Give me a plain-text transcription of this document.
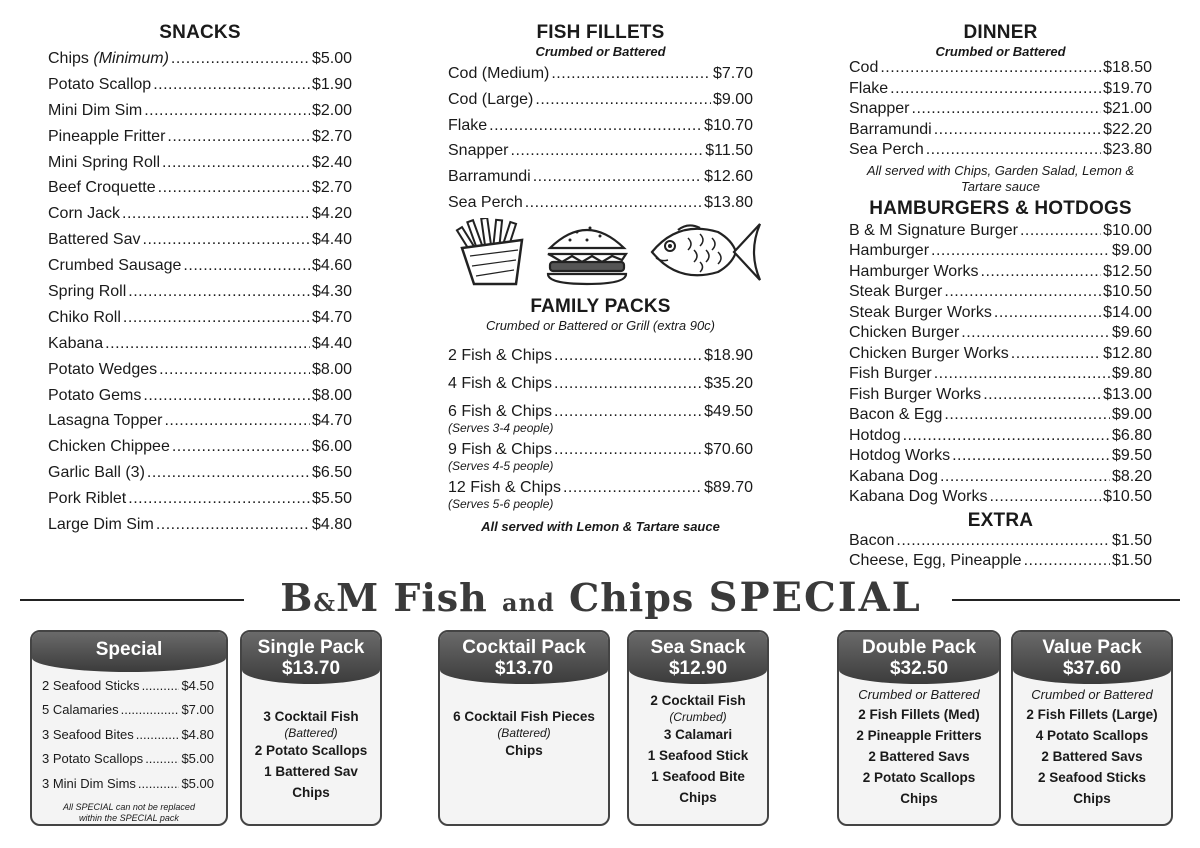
SNACKS
Chips (Minimum) .....	$5.00
Potato Scallop .....	$1.90
Mini Dim Sim .....	$2.00
Pineapple Fritter .....	$2.70
Mini Spring Roll .....	$2.40
Beef Croquette .....	$2.70
Corn Jack .....	$4.20
Battered Sav .....	$4.40
Crumbed Sausage .....	$4.60
Spring Roll .....	$4.30
Chiko Roll .....	$4.70
Kabana .....	$4.40
Potato Wedges .....	$8.00
Potato Gems .....	$8.00
Lasagna Topper .....	$4.70
Chicken Chippee .....	$6.00
Garlic Ball (3) .....	$6.50
Pork Riblet .....	$5.50
Large Dim Sim .....	$4.80
FISH FILLETS
Crumbed or Battered
Cod (Medium) .....	$7.70
Cod (Large) .....	$9.00
Flake .....	$10.70
Snapper .....	$11.50
Barramundi .....	$12.60
Sea Perch .....	$13.80
FAMILY PACKS
Crumbed or Battered or Grill (extra 90c)
2 Fish & Chips .....	$18.90
4 Fish & Chips .....	$35.20
6 Fish & Chips .....	$49.50
(Serves 3-4 people)
9 Fish & Chips .....	$70.60
(Serves 4-5 people)
12 Fish & Chips .....	$89.70
(Serves 5-6 people)
All served with Lemon & Tartare sauce
DINNER
Crumbed or Battered
Cod .....	$18.50
Flake .....	$19.70
Snapper .....	$21.00
Barramundi .....	$22.20
Sea Perch .....	$23.80
All served with Chips, Garden Salad, Lemon & Tartare sauce
HAMBURGERS & HOTDOGS
B & M Signature Burger .....	$10.00
Hamburger .....	$9.00
Hamburger Works .....	$12.50
Steak Burger .....	$10.50
Steak Burger Works .....	$14.00
Chicken Burger .....	$9.60
Chicken Burger Works .....	$12.80
Fish Burger .....	$9.80
Fish Burger Works .....	$13.00
Bacon & Egg .....	$9.00
Hotdog .....	$6.80
Hotdog Works .....	$9.50
Kabana Dog .....	$8.20
Kabana Dog Works .....	$10.50
EXTRA
Bacon .....	$1.50
Cheese, Egg, Pineapple .....	$1.50
B&M Fish and Chips SPECIAL
Special
2 Seafood Sticks .....	$4.50
5 Calamaries .....	$7.00
3 Seafood Bites .....	$4.80
3 Potato Scallops .....	$5.00
3 Mini Dim Sims .....	$5.00
All SPECIAL can not be replaced
within the SPECIAL pack
Single Pack
$13.70
3 Cocktail Fish
(Battered)
2 Potato Scallops
1 Battered Sav
Chips
Cocktail Pack
$13.70
6 Cocktail Fish Pieces
(Battered)
Chips
Sea Snack
$12.90
2 Cocktail Fish
(Crumbed)
3 Calamari
1 Seafood Stick
1 Seafood Bite
Chips
Double Pack
$32.50
Crumbed or Battered
2 Fish Fillets (Med)
2 Pineapple Fritters
2 Battered Savs
2 Potato Scallops
Chips
Value Pack
$37.60
Crumbed or Battered
2 Fish Fillets (Large)
4 Potato Scallops
2 Battered Savs
2 Seafood Sticks
Chips
